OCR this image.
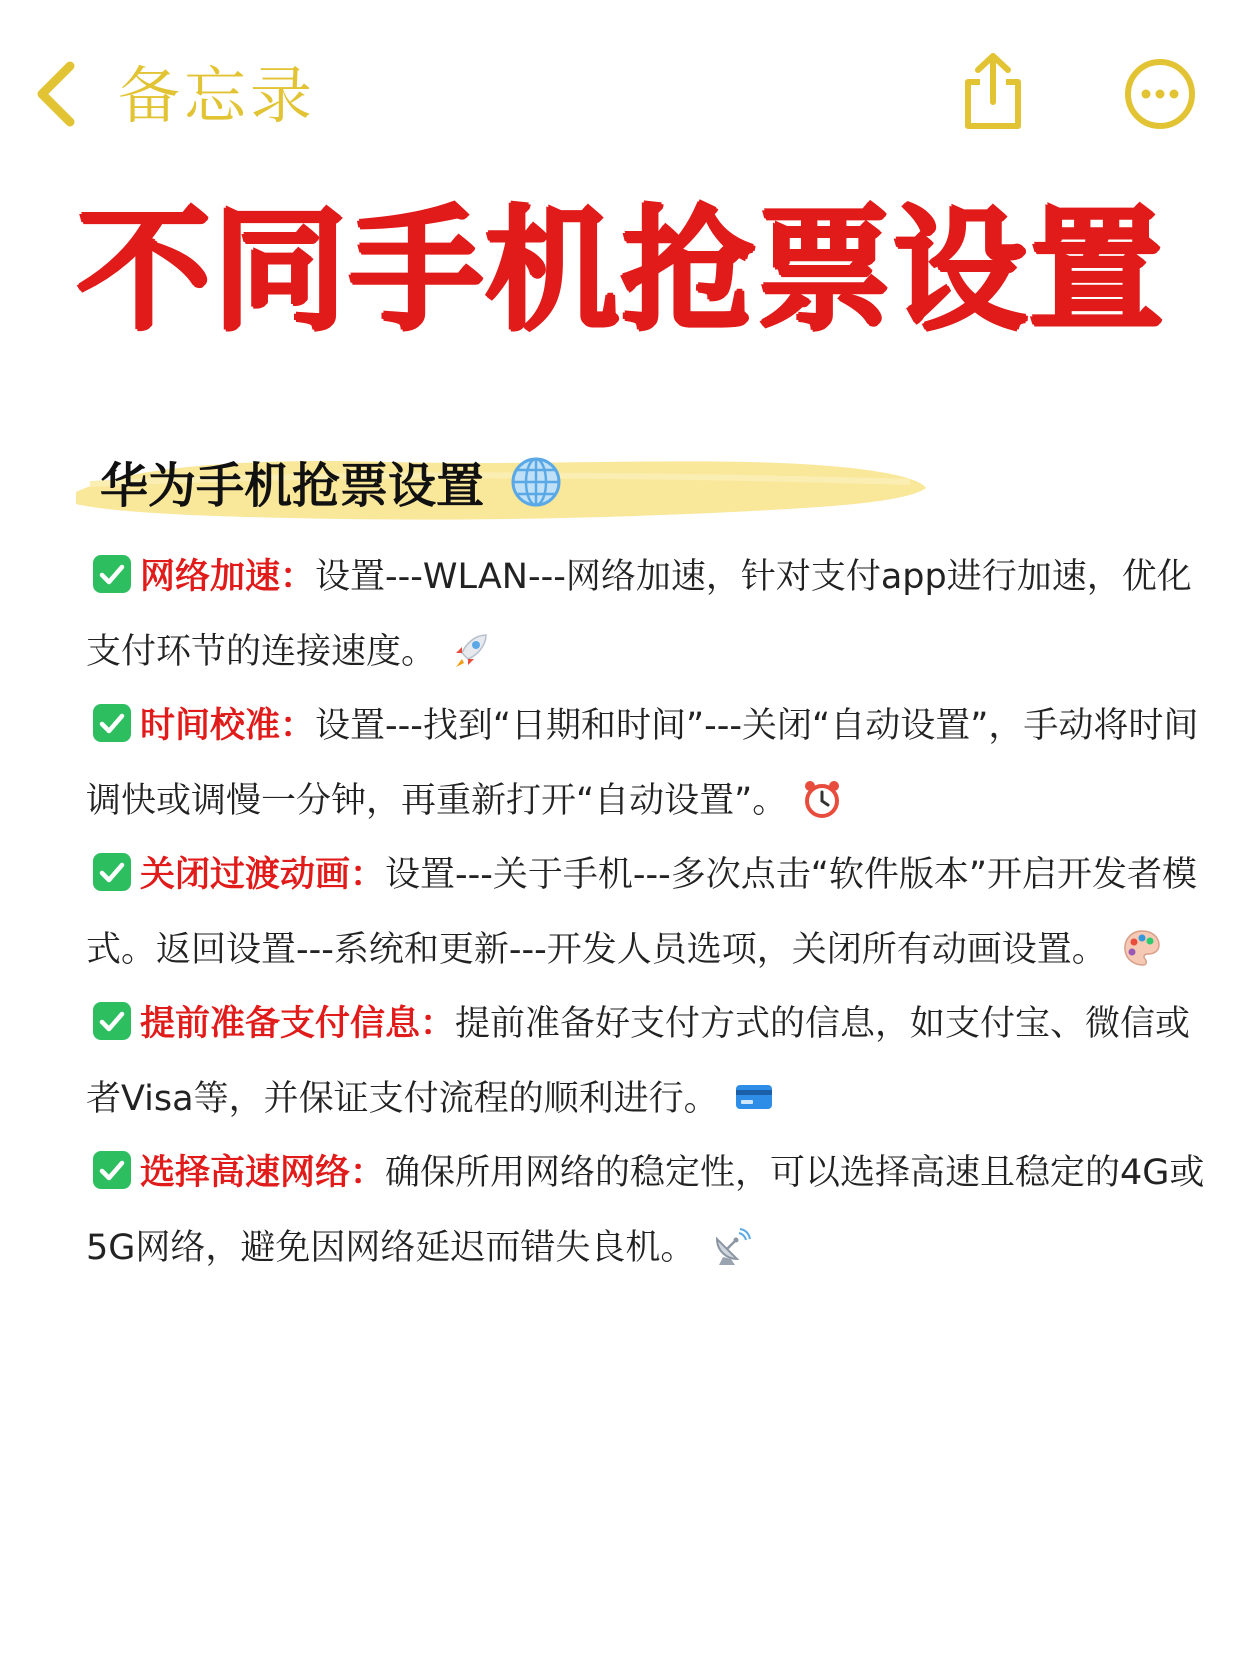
备忘录
不同手机抢票设置
华为手机抢票设置
网络加速：设置---WLAN---网络加速，针对支付app进行加速，优化支付环节的连接速度。
时间校准：设置---找到“日期和时间”---关闭“自动设置”，手动将时间调快或调慢一分钟，再重新打开“自动设置”。
关闭过渡动画：设置---关于手机---多次点击“软件版本”开启开发者模式。返回设置---系统和更新---开发人员选项，关闭所有动画设置。
提前准备支付信息：提前准备好支付方式的信息，如支付宝、微信或者Visa等，并保证支付流程的顺利进行。
选择高速网络：确保所用网络的稳定性，可以选择高速且稳定的4G或5G网络，避免因网络延迟而错失良机。
